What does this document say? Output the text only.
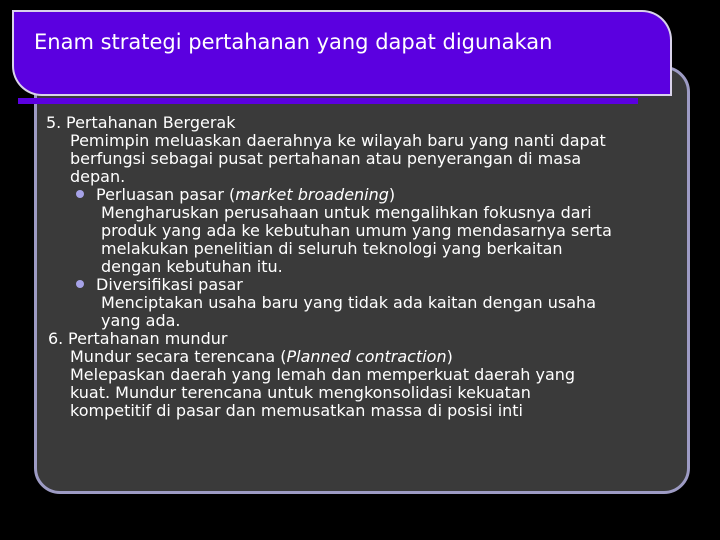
Enam strategi pertahanan yang dapat digunakan
5. Pertahanan Bergerak
Pemimpin meluaskan daerahnya ke wilayah baru yang nanti dapat
berfungsi sebagai pusat pertahanan atau penyerangan di masa
depan.
Perluasan pasar (market broadening)
Mengharuskan perusahaan untuk mengalihkan fokusnya dari
produk yang ada ke kebutuhan umum yang mendasarnya serta
melakukan penelitian di seluruh teknologi yang berkaitan
dengan kebutuhan itu.
Diversifikasi pasar
Menciptakan usaha baru yang tidak ada kaitan dengan usaha
yang ada.
6. Pertahanan mundur
Mundur secara terencana (Planned contraction)
Melepaskan daerah yang lemah dan memperkuat daerah yang
kuat. Mundur terencana untuk mengkonsolidasi kekuatan
kompetitif di pasar dan memusatkan massa di posisi inti
